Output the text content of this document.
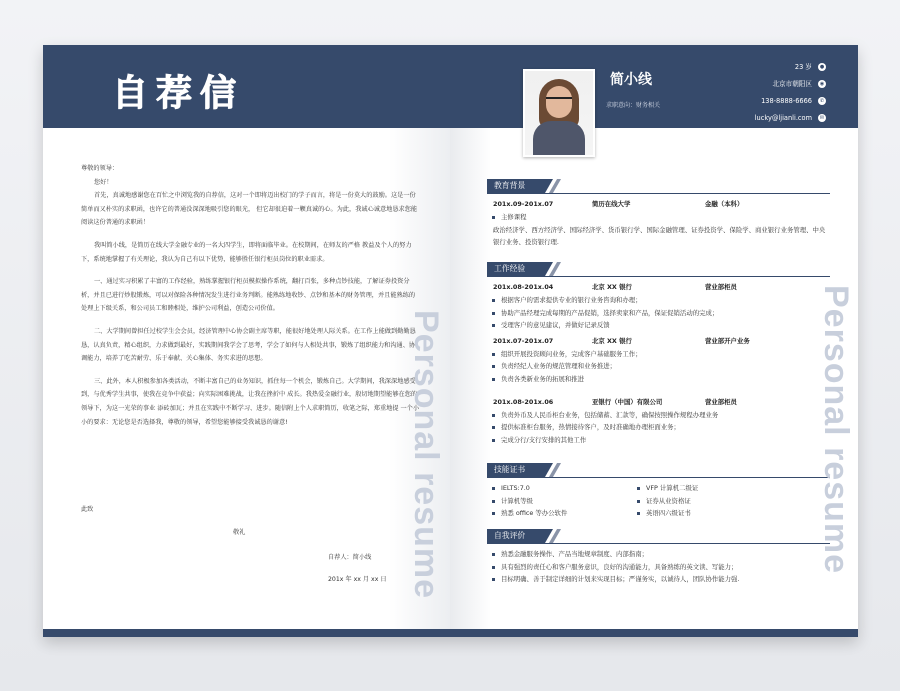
自荐信
尊敬的领导：
您好！

首先，真诚地感谢您在百忙之中浏览我的自荐信，这对一个即将迈出校门的学子而言，将是一份莫大的鼓励。这是一份简单而又朴实的求职函，也许它的普通没深深地吸引您的眼光， 但它却很迫着一颗真诚的心。为此，我诚心诚意地恳求您能阅读这份普通的求职函！

我叫简小线，是简历在线大学金融专业的一名大四学生，即将面临毕业。在校期间，在师友的严格 教益及个人的努力下，系统地掌握了有关理论，我认为自己有以下优势，能够胜任银行柜员岗位的职业需求。

一、通过实习积累了丰富的工作经验，熟练掌握银行柜员模拟操作系统，翻打百张，多种点钞技能，了解证券投资分析，并且已进行炒股锻炼，可以对保险各种情况发生进行业务判断。能熟练地收钞、点钞和基本的财务管理，并且能熟练的处理上下级关系，和公司员工和睦相处，维护公司利益，创造公司价值。

二、大学期间曾担任过校学生会会员，经济管理中心协会副主席等职，能很好地处理人际关系。在工作上能做到勤勤恳恳，认真负责，精心组织，力求做到最好，实践期间我学会了思考，学会了如何与人相处共事，锻炼了组织能力和沟通、协调能力，培养了吃苦耐劳、乐于奉献、关心集体、务实求进的思想。

三、此外，本人积极参加各类活动，不断丰富自己的业务知识，抓住每一个机会，锻炼自己。大学期间，我深深地感受到，与优秀学生共事，使我在竞争中获益；向实际困难挑战，让我在挫折中 成长。我热爱金融行业，殷切地期望能够在您的领导下，为这一光荣的事业 添砖加瓦；并且在实践中不断学习、进步。随信附上个人求职简历，收笔之际，郑重地提 一个小小的要求：无论您是否选择我，尊敬的领导，希望您能够接受我诚恳的谢意!

此致
敬礼
自荐人：简小线
201x 年 xx 月 xx 日 Personal resume
简小线
求职意向：财务相关
23 岁	●
北京市朝阳区	◉
138-8888-6666	✆
lucky@ljianli.com	✉
教育背景
201x.09-201x.07	简历在线大学	金融（本科）
主修课程
政治经济学、西方经济学、国际经济学、货币银行学、国际金融管理、证券投资学、保险学、商业银行业务管理、中央银行业务、投资银行理.
工作经验
201x.08-201x.04	北京 XX 银行	营业部柜员
根据客户的需求提供专业的银行业务咨询和办理；
协助产品经理完成每期的产品促销，选择卖家和产品，保证促销活动的完成；
受理客户的意见建议，并做好记录反馈
201x.07-201x.07	北京 XX 银行	营业部开户业务
组织开展投资顾问业务，完成客户基础服务工作；
负责经纪人业务的规范管理和业务推进；
负责各类新业务的拓展和推进
201x.08-201x.06	亚银行（中国）有限公司	营业部柜员
负责外币及人民币柜台业务，包括储蓄、汇款等，确保按照操作规程办理业务
提供标准柜台服务，热情接待客户，及时准确地办理柜面业务；
完成分行/支行安排的其他工作
技能证书
IELTS:7.0	VFP 计算机二级证
计算机等级	证券从业资格证
熟悉 office 等办公软件	英语四六级证书
自我评价
熟悉金融服务操作、产品当地规章制度、内部指南；
具有强烈的责任心和客户服务意识，良好的沟通能力，具备熟练的英文读、写能力；
目标明确、善于制定详细的计划来实现目标；严谨务实，以诚待人，团队协作能力强.
Personal resume
